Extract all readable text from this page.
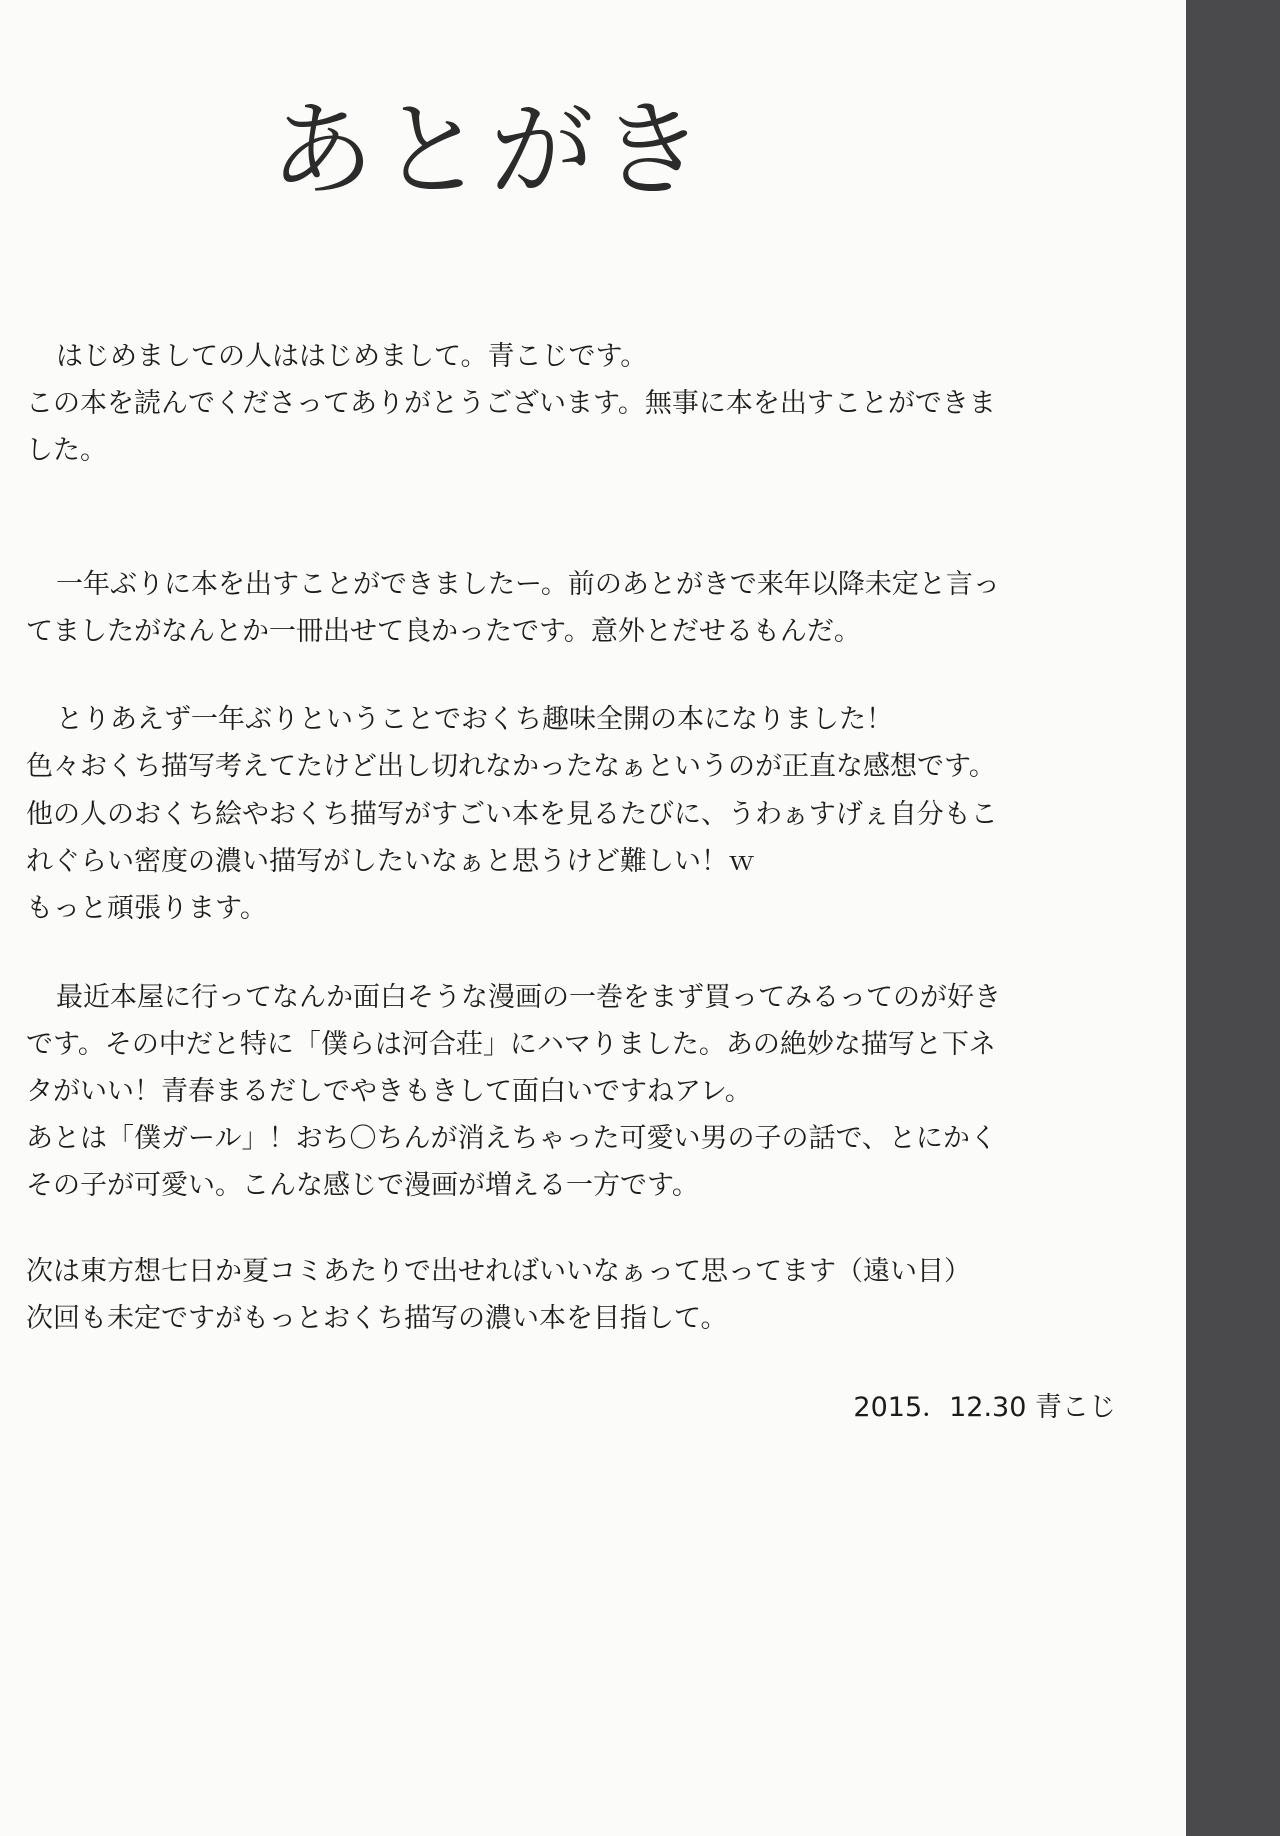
あとがき
はじめましての人ははじめまして。青こじです。
この本を読んでくださってありがとうございます。無事に本を出すことができま
した。
一年ぶりに本を出すことができましたー。前のあとがきで来年以降未定と言っ
てましたがなんとか一冊出せて良かったです。意外とだせるもんだ。
とりあえず一年ぶりということでおくち趣味全開の本になりました！
色々おくち描写考えてたけど出し切れなかったなぁというのが正直な感想です。
他の人のおくち絵やおくち描写がすごい本を見るたびに、うわぁすげぇ自分もこ
れぐらい密度の濃い描写がしたいなぁと思うけど難しい！ｗ
もっと頑張ります。
最近本屋に行ってなんか面白そうな漫画の一巻をまず買ってみるってのが好き
です。その中だと特に「僕らは河合荘」にハマりました。あの絶妙な描写と下ネ
タがいい！青春まるだしでやきもきして面白いですねアレ。
あとは「僕ガール」！おち〇ちんが消えちゃった可愛い男の子の話で、とにかく
その子が可愛い。こんな感じで漫画が増える一方です。
次は東方想七日か夏コミあたりで出せればいいなぁって思ってます（遠い目）
次回も未定ですがもっとおくち描写の濃い本を目指して。
2015．12.30 青こじ
